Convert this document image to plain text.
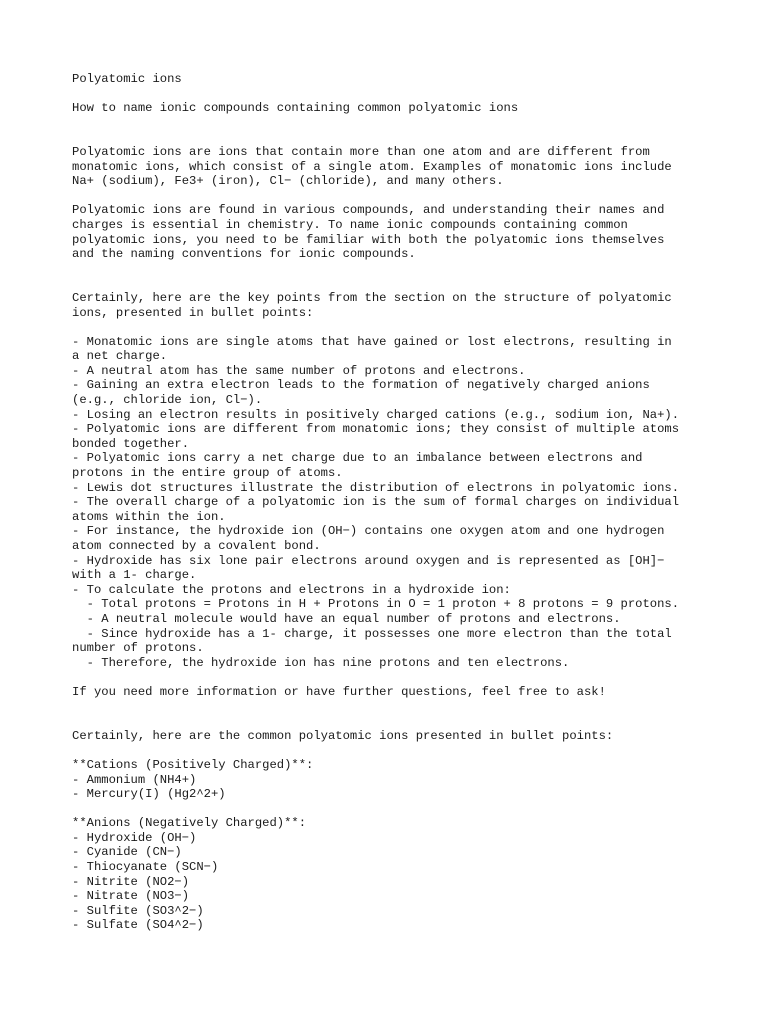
Polyatomic ions
How to name ionic compounds containing common polyatomic ions
Polyatomic ions are ions that contain more than one atom and are different from
monatomic ions, which consist of a single atom. Examples of monatomic ions include
Na+ (sodium), Fe3+ (iron), Cl− (chloride), and many others.
Polyatomic ions are found in various compounds, and understanding their names and
charges is essential in chemistry. To name ionic compounds containing common
polyatomic ions, you need to be familiar with both the polyatomic ions themselves
and the naming conventions for ionic compounds.
Certainly, here are the key points from the section on the structure of polyatomic
ions, presented in bullet points:
- Monatomic ions are single atoms that have gained or lost electrons, resulting in
a net charge.
- A neutral atom has the same number of protons and electrons.
- Gaining an extra electron leads to the formation of negatively charged anions
(e.g., chloride ion, Cl−).
- Losing an electron results in positively charged cations (e.g., sodium ion, Na+).
- Polyatomic ions are different from monatomic ions; they consist of multiple atoms
bonded together.
- Polyatomic ions carry a net charge due to an imbalance between electrons and
protons in the entire group of atoms.
- Lewis dot structures illustrate the distribution of electrons in polyatomic ions.
- The overall charge of a polyatomic ion is the sum of formal charges on individual
atoms within the ion.
- For instance, the hydroxide ion (OH−) contains one oxygen atom and one hydrogen
atom connected by a covalent bond.
- Hydroxide has six lone pair electrons around oxygen and is represented as [OH]−
with a 1- charge.
- To calculate the protons and electrons in a hydroxide ion:
- Total protons = Protons in H + Protons in O = 1 proton + 8 protons = 9 protons.
- A neutral molecule would have an equal number of protons and electrons.
- Since hydroxide has a 1- charge, it possesses one more electron than the total
number of protons.
- Therefore, the hydroxide ion has nine protons and ten electrons.
If you need more information or have further questions, feel free to ask!
Certainly, here are the common polyatomic ions presented in bullet points:
**Cations (Positively Charged)**:
- Ammonium (NH4+)
- Mercury(I) (Hg2^2+)
**Anions (Negatively Charged)**:
- Hydroxide (OH−)
- Cyanide (CN−)
- Thiocyanate (SCN−)
- Nitrite (NO2−)
- Nitrate (NO3−)
- Sulfite (SO3^2−)
- Sulfate (SO4^2−)
